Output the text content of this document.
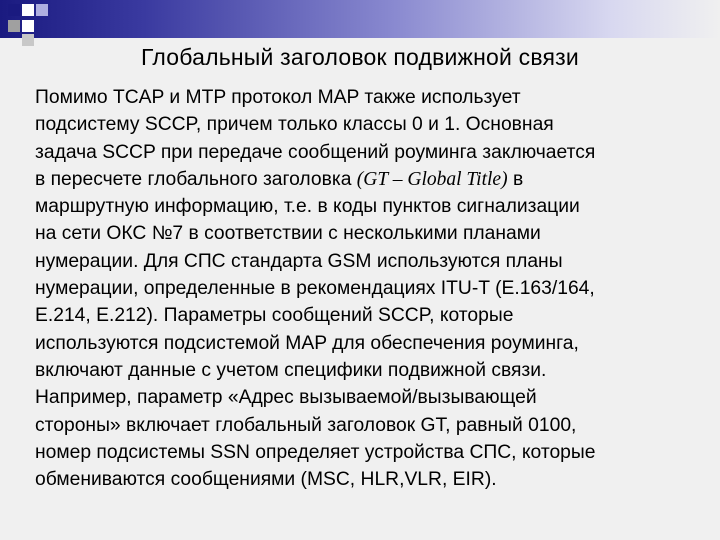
Глобальный заголовок подвижной связи
Помимо TCAP и MTP протокол MAP также использует
подсистему SCCP, причем только классы 0 и 1. Основная
задача SCCP при передаче сообщений роуминга заключается
в пересчете глобального заголовка (GT – Global Title) в
маршрутную информацию, т.е. в коды пунктов сигнализации
на сети ОКС №7 в соответствии с несколькими планами
нумерации. Для СПС стандарта GSM используются планы
нумерации, определенные в рекомендациях ITU-T (E.163/164,
E.214, E.212). Параметры сообщений SCCP, которые
используются подсистемой MAP для обеспечения роуминга,
включают данные с учетом специфики подвижной связи.
Например, параметр «Адрес вызываемой/вызывающей
стороны» включает глобальный заголовок GT, равный 0100,
номер подсистемы SSN определяет устройства СПС, которые
обмениваются сообщениями (MSC, HLR,VLR, EIR).
